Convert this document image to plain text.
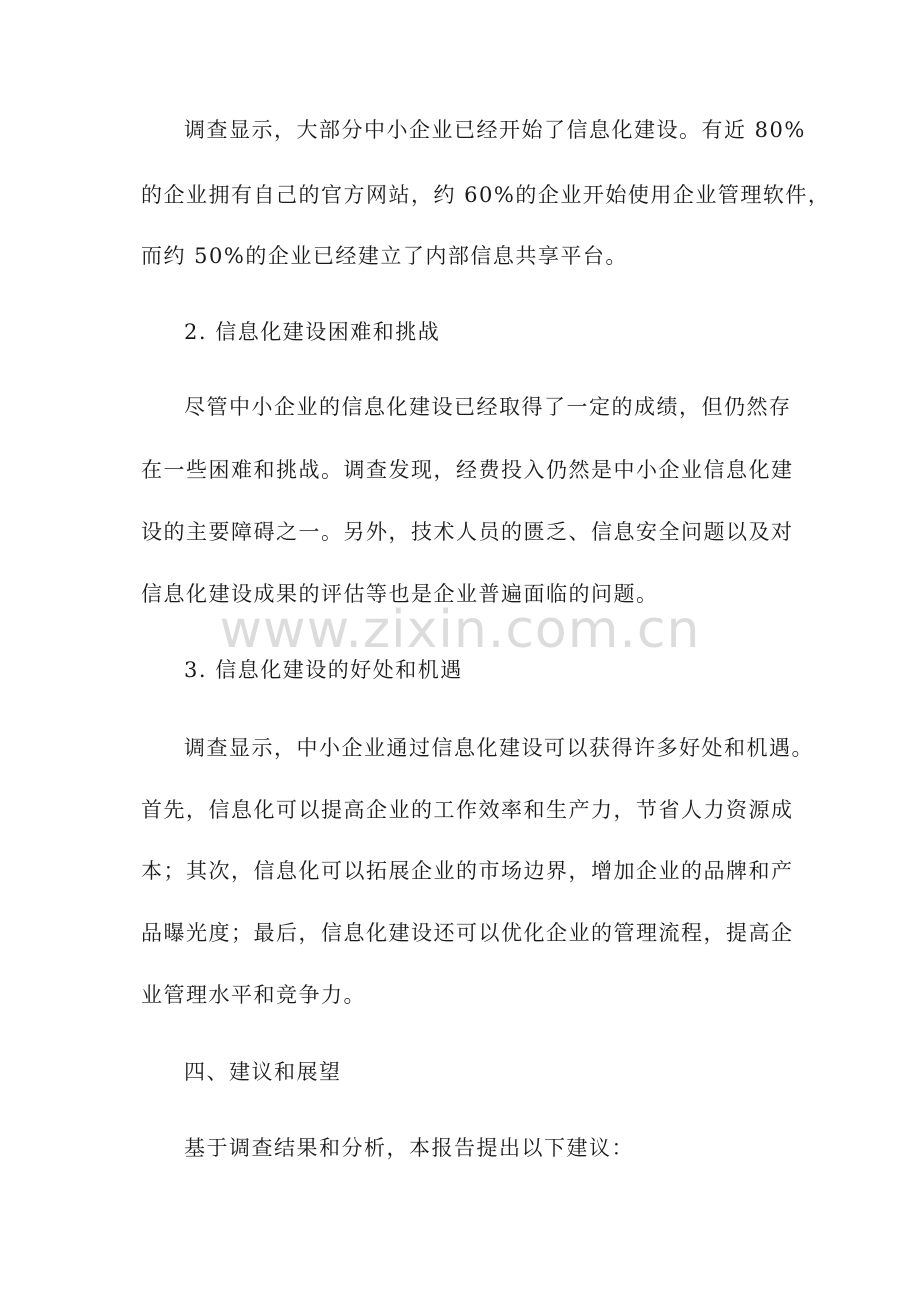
调查显示，大部分中小企业已经开始了信息化建设。有近 80%
的企业拥有自己的官方网站，约 60%的企业开始使用企业管理软件，
而约 50%的企业已经建立了内部信息共享平台。
2. 信息化建设困难和挑战
尽管中小企业的信息化建设已经取得了一定的成绩，但仍然存
在一些困难和挑战。调查发现，经费投入仍然是中小企业信息化建
设的主要障碍之一。另外，技术人员的匮乏、信息安全问题以及对
信息化建设成果的评估等也是企业普遍面临的问题。
3. 信息化建设的好处和机遇
调查显示，中小企业通过信息化建设可以获得许多好处和机遇。
首先，信息化可以提高企业的工作效率和生产力，节省人力资源成
本；其次，信息化可以拓展企业的市场边界，增加企业的品牌和产
品曝光度；最后，信息化建设还可以优化企业的管理流程，提高企
业管理水平和竞争力。
四、建议和展望
基于调查结果和分析，本报告提出以下建议：
www.zixin.com.cn
